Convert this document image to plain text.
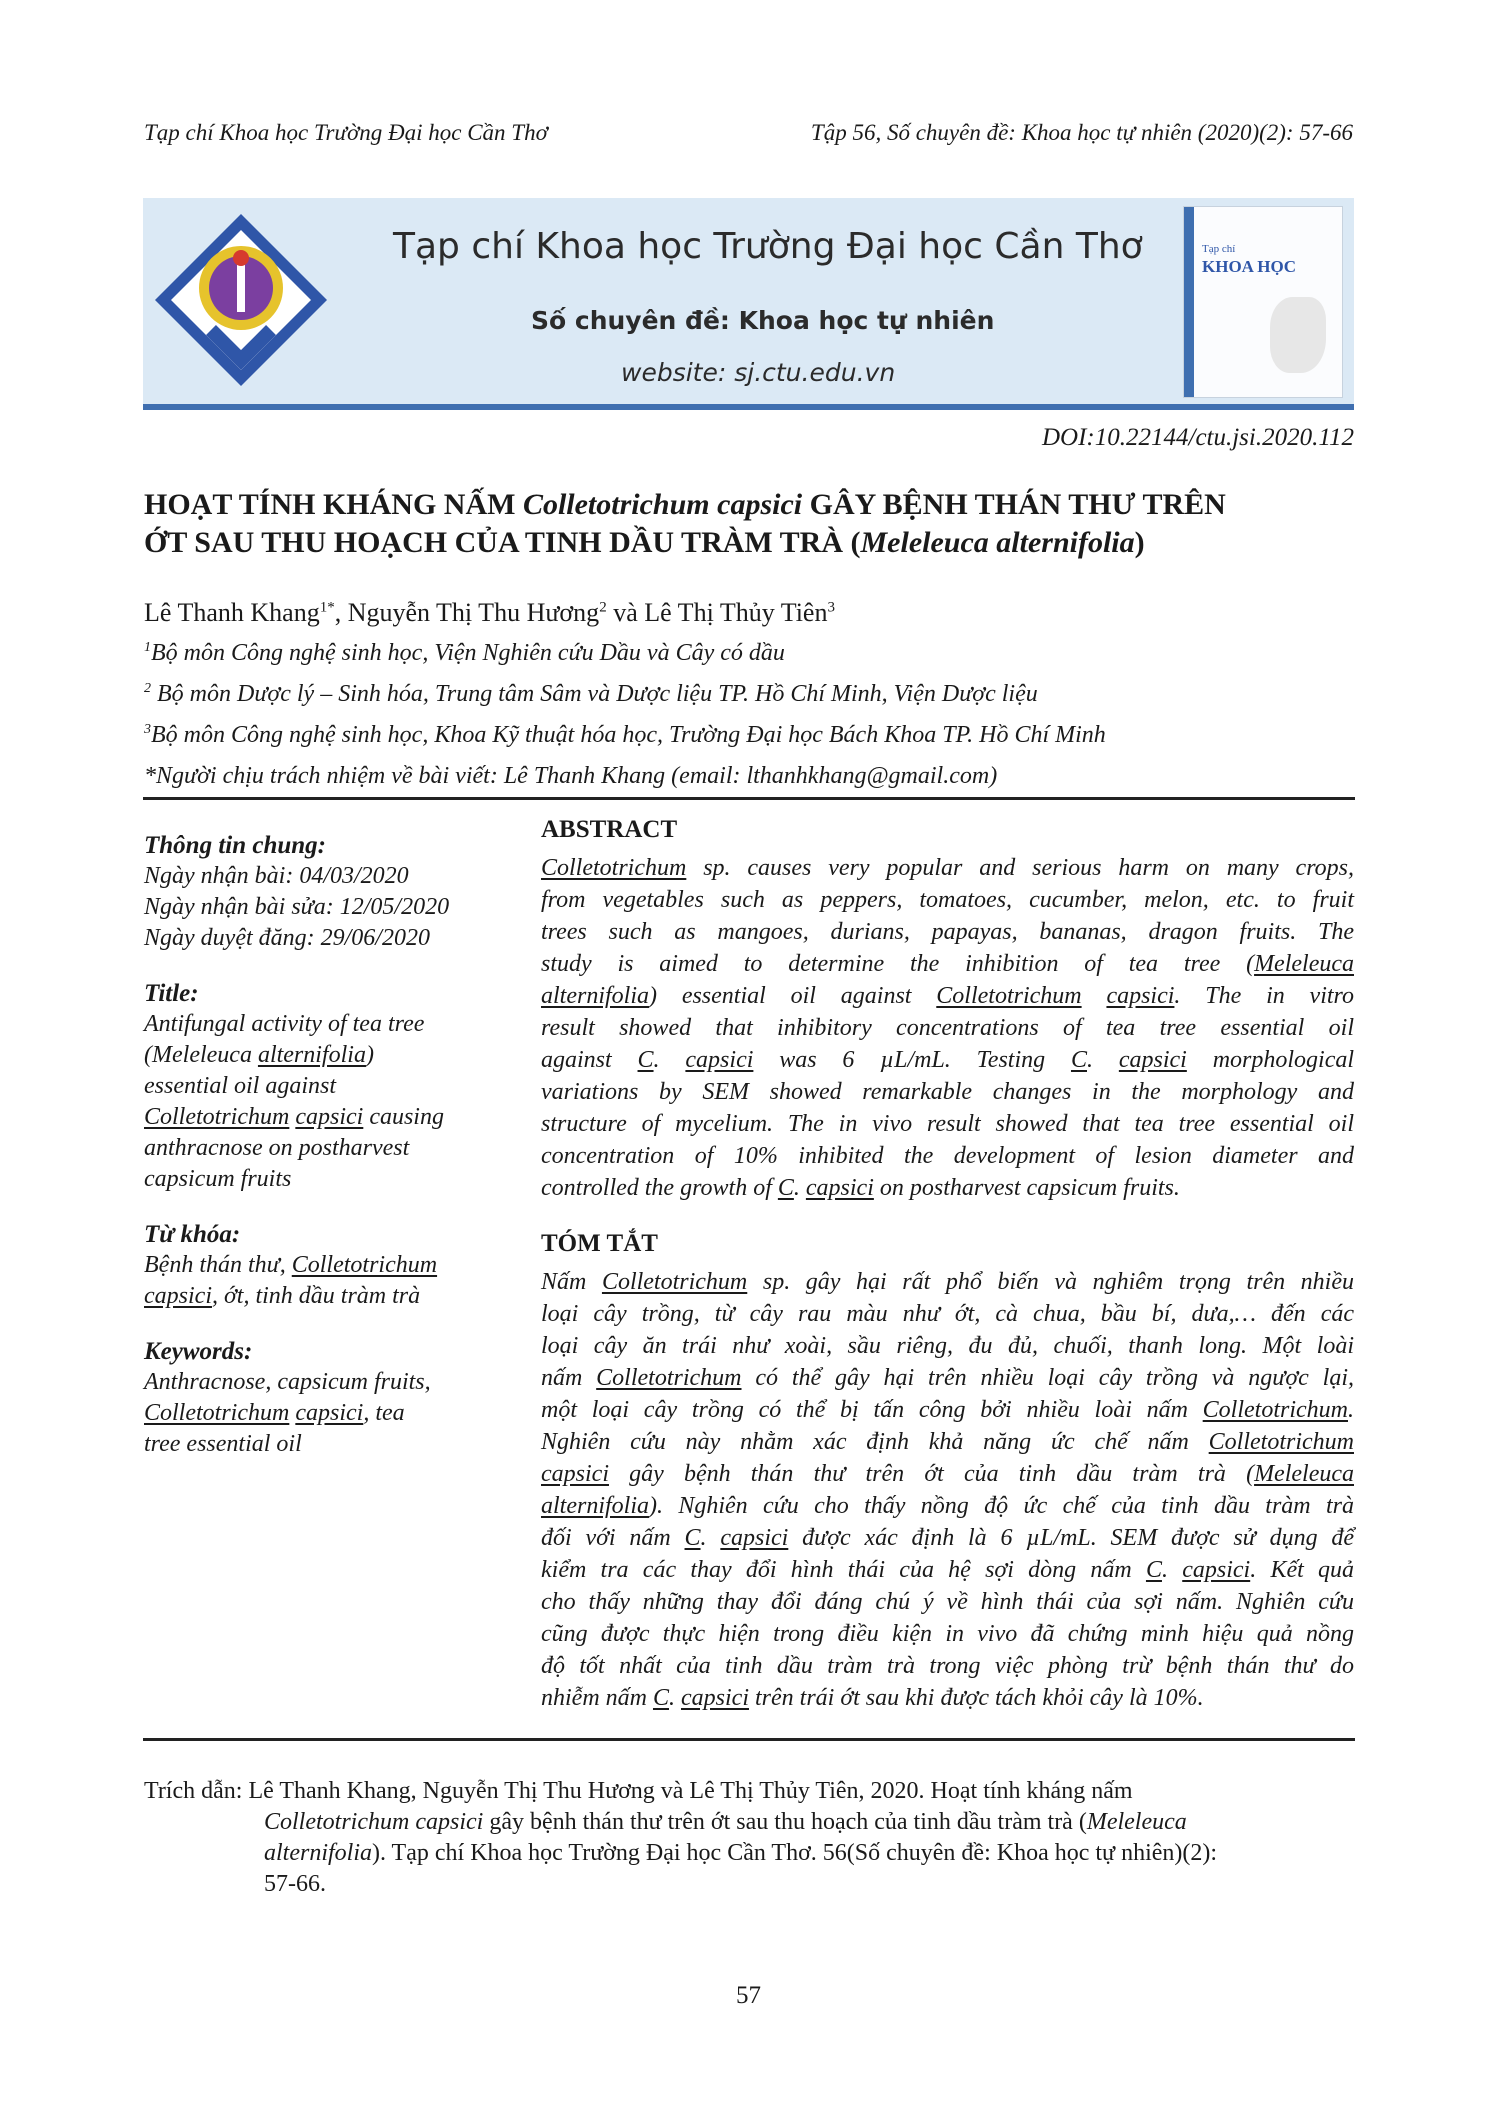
Tạp chí Khoa học Trường Đại học Cần Thơ	Tập 56, Số chuyên đề: Khoa học tự nhiên (2020)(2): 57-66
Tạp chí Khoa học Trường Đại học Cần Thơ
Số chuyên đề: Khoa học tự nhiên
website: sj.ctu.edu.vn
Tạp chí
KHOA HỌC
DOI:10.22144/ctu.jsi.2020.112
HOẠT TÍNH KHÁNG NẤM Colletotrichum capsici GÂY BỆNH THÁN THƯ TRÊN
ỚT SAU THU HOẠCH CỦA TINH DẦU TRÀM TRÀ (Meleleuca alternifolia)
Lê Thanh Khang$^{1*}$, Nguyễn Thị Thu Hương$^2$ và Lê Thị Thủy Tiên$^3$
$^1$Bộ môn Công nghệ sinh học, Viện Nghiên cứu Dầu và Cây có dầu
$^2$ Bộ môn Dược lý – Sinh hóa, Trung tâm Sâm và Dược liệu TP. Hồ Chí Minh, Viện Dược liệu
$^3$Bộ môn Công nghệ sinh học, Khoa Kỹ thuật hóa học, Trường Đại học Bách Khoa TP. Hồ Chí Minh
*Người chịu trách nhiệm về bài viết: Lê Thanh Khang (email: lthanhkhang@gmail.com)
Thông tin chung:
Ngày nhận bài: 04/03/2020
Ngày nhận bài sửa: 12/05/2020
Ngày duyệt đăng: 29/06/2020
Title:
Antifungal activity of tea tree
(Meleleuca alternifolia)
essential oil against
Colletotrichum capsici causing
anthracnose on postharvest
capsicum fruits
Từ khóa:
Bệnh thán thư, Colletotrichum
capsici, ớt, tinh dầu tràm trà
Keywords:
Anthracnose, capsicum fruits,
Colletotrichum capsici, tea
tree essential oil
ABSTRACT
Colletotrichum sp. causes very popular and serious harm on many crops,
from vegetables such as peppers, tomatoes, cucumber, melon, etc. to fruit
trees such as mangoes, durians, papayas, bananas, dragon fruits. The
study is aimed to determine the inhibition of tea tree (Meleleuca
alternifolia) essential oil against Colletotrichum capsici. The in vitro
result showed that inhibitory concentrations of tea tree essential oil
against C. capsici was 6 µL/mL. Testing C. capsici morphological
variations by SEM showed remarkable changes in the morphology and
structure of mycelium. The in vivo result showed that tea tree essential oil
concentration of 10% inhibited the development of lesion diameter and
controlled the growth of C. capsici on postharvest capsicum fruits.
TÓM TẮT
Nấm Colletotrichum sp. gây hại rất phổ biến và nghiêm trọng trên nhiều
loại cây trồng, từ cây rau màu như ớt, cà chua, bầu bí, dưa,… đến các
loại cây ăn trái như xoài, sầu riêng, đu đủ, chuối, thanh long. Một loài
nấm Colletotrichum có thể gây hại trên nhiều loại cây trồng và ngược lại,
một loại cây trồng có thể bị tấn công bởi nhiều loài nấm Colletotrichum.
Nghiên cứu này nhằm xác định khả năng ức chế nấm Colletotrichum
capsici gây bệnh thán thư trên ớt của tinh dầu tràm trà (Meleleuca
alternifolia). Nghiên cứu cho thấy nồng độ ức chế của tinh dầu tràm trà
đối với nấm C. capsici được xác định là 6 µL/mL. SEM được sử dụng để
kiểm tra các thay đổi hình thái của hệ sợi dòng nấm C. capsici. Kết quả
cho thấy những thay đổi đáng chú ý về hình thái của sợi nấm. Nghiên cứu
cũng được thực hiện trong điều kiện in vivo đã chứng minh hiệu quả nồng
độ tốt nhất của tinh dầu tràm trà trong việc phòng trừ bệnh thán thư do
nhiễm nấm C. capsici trên trái ớt sau khi được tách khỏi cây là 10%.
Trích dẫn: Lê Thanh Khang, Nguyễn Thị Thu Hương và Lê Thị Thủy Tiên, 2020. Hoạt tính kháng nấm
Colletotrichum capsici gây bệnh thán thư trên ớt sau thu hoạch của tinh dầu tràm trà (Meleleuca
alternifolia). Tạp chí Khoa học Trường Đại học Cần Thơ. 56(Số chuyên đề: Khoa học tự nhiên)(2):
57-66.
57
